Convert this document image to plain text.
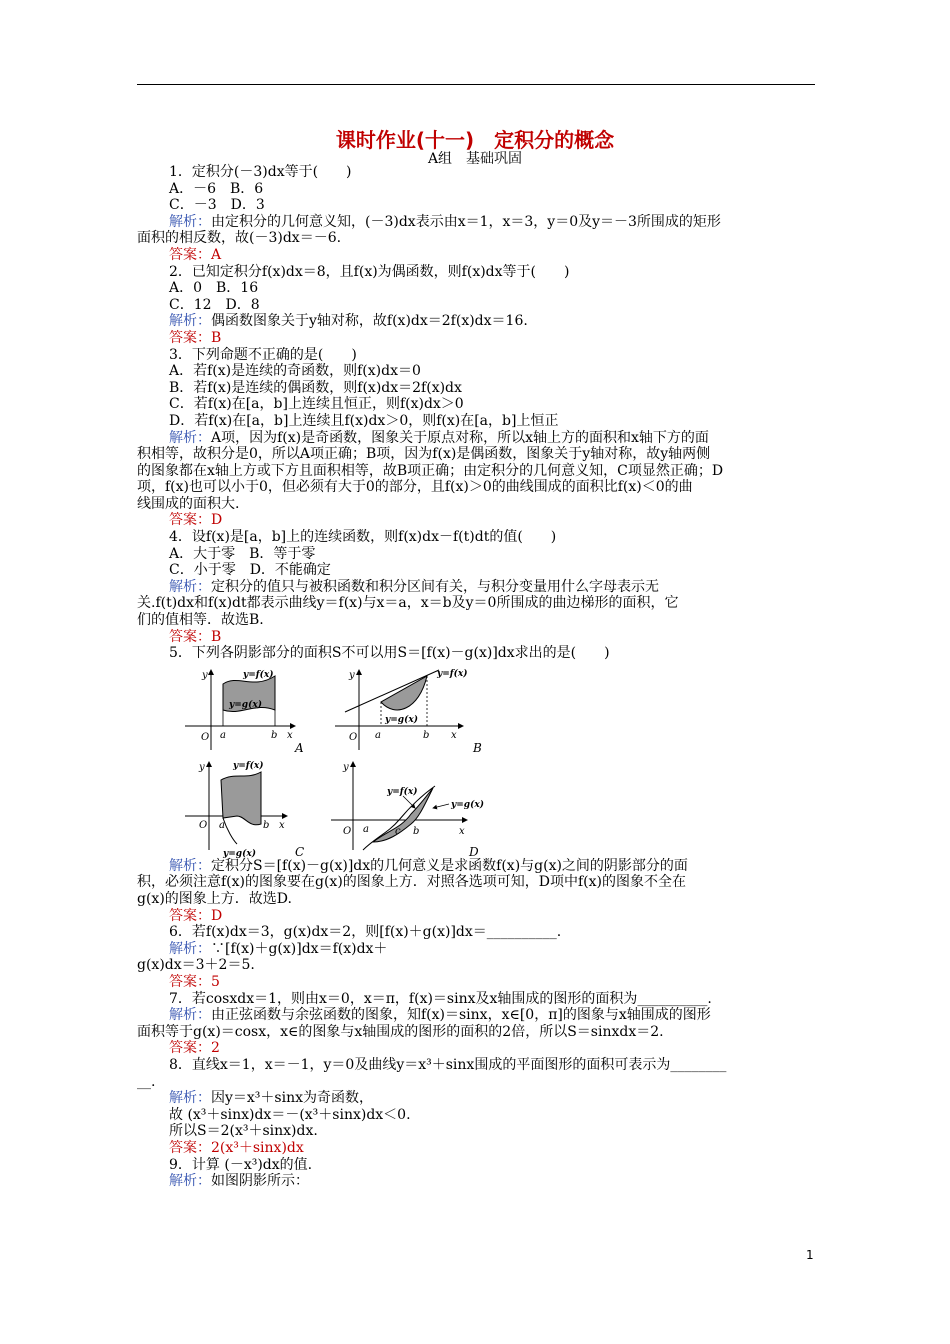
课时作业(十一)　定积分的概念
A组　基础巩固
1．定积分(－3)dx等于(　　)
A．－6　B．6
C．－3　D．3
解析：由定积分的几何意义知，(－3)dx表示由x＝1，x＝3，y＝0及y＝－3所围成的矩形
面积的相反数，故(－3)dx＝－6.
答案：A
2．已知定积分f(x)dx＝8，且f(x)为偶函数，则f(x)dx等于(　　)
A．0　B．16
C．12　D．8
解析：偶函数图象关于y轴对称，故f(x)dx＝2f(x)dx＝16.
答案：B
3．下列命题不正确的是(　　)
A．若f(x)是连续的奇函数，则f(x)dx＝0
B．若f(x)是连续的偶函数，则f(x)dx＝2f(x)dx
C．若f(x)在[a，b]上连续且恒正，则f(x)dx＞0
D．若f(x)在[a，b]上连续且f(x)dx＞0，则f(x)在[a，b]上恒正
解析：A项，因为f(x)是奇函数，图象关于原点对称，所以x轴上方的面积和x轴下方的面
积相等，故积分是0，所以A项正确；B项，因为f(x)是偶函数，图象关于y轴对称，故y轴两侧
的图象都在x轴上方或下方且面积相等，故B项正确；由定积分的几何意义知，C项显然正确；D
项，f(x)也可以小于0，但必须有大于0的部分，且f(x)＞0的曲线围成的面积比f(x)＜0的曲
线围成的面积大.
答案：D
4．设f(x)是[a，b]上的连续函数，则f(x)dx－f(t)dt的值(　　)
A．大于零　B．等于零
C．小于零　D．不能确定
解析：定积分的值只与被积函数和积分区间有关，与积分变量用什么字母表示无
关.f(t)dx和f(x)dt都表示曲线y＝f(x)与x＝a，x＝b及y＝0所围成的曲边梯形的面积，它
们的值相等．故选B.
答案：B
5．下列各阴影部分的面积S不可以用S＝[f(x)－g(x)]dx求出的是(　　)
y	y=f(x)
y=g(x)
O a	b x
A
y	y=f(x)
y=g(x)
O a	b x
B
y	y=f(x)
y=g(x)
O a	b x
C
y
y=f(x)
y=g(x)
O a	c b	x
D
解析：定积分S＝[f(x)－g(x)]dx的几何意义是求函数f(x)与g(x)之间的阴影部分的面
积，必须注意f(x)的图象要在g(x)的图象上方．对照各选项可知，D项中f(x)的图象不全在
g(x)的图象上方．故选D.
答案：D
6．若f(x)dx＝3，g(x)dx＝2，则[f(x)＋g(x)]dx＝__________.
解析：∵[f(x)＋g(x)]dx＝f(x)dx＋
g(x)dx＝3＋2＝5.
答案：5
7．若cosxdx＝1，则由x＝0，x＝π，f(x)＝sinx及x轴围成的图形的面积为__________.
解析：由正弦函数与余弦函数的图象，知f(x)＝sinx，x∈[0，π]的图象与x轴围成的图形
面积等于g(x)＝cosx，x∈的图象与x轴围成的图形的面积的2倍，所以S＝sinxdx＝2.
答案：2
8．直线x＝1，x＝－1，y＝0及曲线y＝x³＋sinx围成的平面图形的面积可表示为________
__.
解析：因y＝x³＋sinx为奇函数，
故 (x³＋sinx)dx＝－(x³＋sinx)dx＜0.
所以S＝2(x³＋sinx)dx.
答案：2(x³＋sinx)dx
9．计算 (－x³)dx的值.
解析：如图阴影所示：
1
